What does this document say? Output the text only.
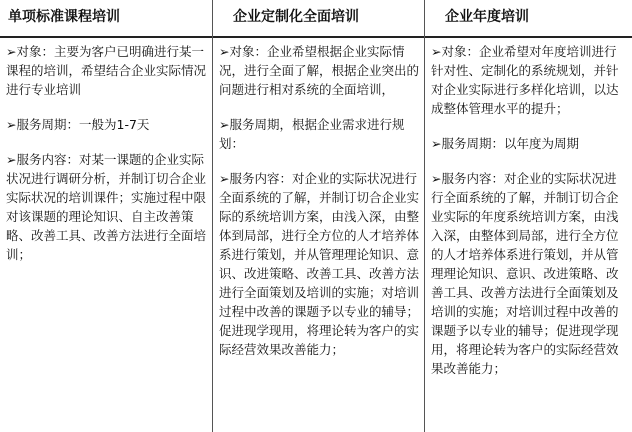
单项标准课程培训

➢对象：主要为客户已明确进行某一课程的培训，希望结合企业实际情况进行专业培训

➢服务周期：一般为1-7天

➢服务内容：对某一课题的企业实际状况进行调研分析，并制订切合企业实际状况的培训课件；实施过程中限对该课题的理论知识、自主改善策略、改善工具、改善方法进行全面培训；

企业定制化全面培训

➢对象：企业希望根据企业实际情况，进行全面了解，根据企业突出的问题进行相对系统的全面培训，

➢服务周期，根据企业需求进行规划：

➢服务内容：对企业的实际状况进行全面系统的了解，并制订切合企业实际的系统培训方案，由浅入深，由整体到局部，进行全方位的人才培养体系进行策划，并从管理理论知识、意识、改进策略、改善工具、改善方法进行全面策划及培训的实施；对培训过程中改善的课题予以专业的辅导；促进现学现用，将理论转为客户的实际经营效果改善能力；

企业年度培训

➢对象：企业希望对年度培训进行针对性、定制化的系统规划，并针对企业实际进行多样化培训，以达成整体管理水平的提升；

➢服务周期：以年度为周期

➢服务内容：对企业的实际状况进行全面系统的了解，并制订切合企业实际的年度系统培训方案，由浅入深，由整体到局部，进行全方位的人才培养体系进行策划，并从管理理论知识、意识、改进策略、改善工具、改善方法进行全面策划及培训的实施；对培训过程中改善的课题予以专业的辅导；促进现学现用，将理论转为客户的实际经营效果改善能力；
